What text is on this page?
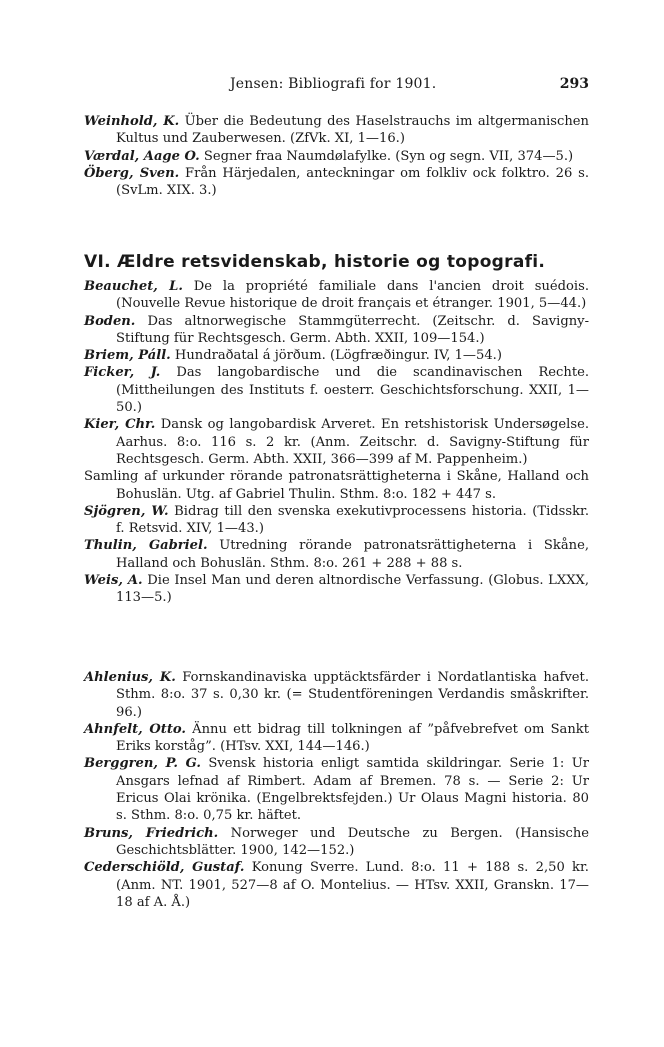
Jensen: Bibliografi for 1901.	293

Weinhold, K. Über die Bedeutung des Haselstrauchs im altgermanischen Kultus und Zauberwesen. (ZfVk. XI, 1—16.)

Værdal, Aage O. Segner fraa Naumdølafylke. (Syn og segn. VII, 374—5.)

Öberg, Sven. Från Härjedalen, anteckningar om folkliv ock folktro. 26 s. (SvLm. XIX. 3.)

VI. Ældre retsvidenskab, historie og topografi.

Beauchet, L. De la propriété familiale dans l'ancien droit suédois. (Nouvelle Revue historique de droit français et étranger. 1901, 5—44.)

Boden. Das altnorwegische Stammgüterrecht. (Zeitschr. d. Savigny-Stiftung für Rechtsgesch. Germ. Abth. XXII, 109—154.)

Briem, Páll. Hundraðatal á jörðum. (Lögfræðingur. IV, 1—54.)

Ficker, J. Das langobardische und die scandinavischen Rechte. (Mittheilungen des Instituts f. oesterr. Geschichtsforschung. XXII, 1—50.)

Kier, Chr. Dansk og langobardisk Arveret. En retshistorisk Undersøgelse. Aarhus. 8:o. 116 s. 2 kr. (Anm. Zeitschr. d. Savigny-Stiftung für Rechtsgesch. Germ. Abth. XXII, 366—399 af M. Pappenheim.)

Samling af urkunder rörande patronatsrättigheterna i Skåne, Halland och Bohuslän. Utg. af Gabriel Thulin. Sthm. 8:o. 182 + 447 s.

Sjögren, W. Bidrag till den svenska exekutivprocessens historia. (Tidsskr. f. Retsvid. XIV, 1—43.)

Thulin, Gabriel. Utredning rörande patronatsrättigheterna i Skåne, Halland och Bohuslän. Sthm. 8:o. 261 + 288 + 88 s.

Weis, A. Die Insel Man und deren altnordische Verfassung. (Globus. LXXX, 113—5.)

Ahlenius, K. Fornskandinaviska upptäcktsfärder i Nordatlantiska hafvet. Sthm. 8:o. 37 s. 0,30 kr. (= Studentföreningen Verdandis småskrifter. 96.)

Ahnfelt, Otto. Ännu ett bidrag till tolkningen af ”påfvebrefvet om Sankt Eriks korståg”. (HTsv. XXI, 144—146.)

Berggren, P. G. Svensk historia enligt samtida skildringar. Serie 1: Ur Ansgars lefnad af Rimbert. Adam af Bremen. 78 s. — Serie 2: Ur Ericus Olai krönika. (Engelbrektsfejden.) Ur Olaus Magni historia. 80 s. Sthm. 8:o. 0,75 kr. häftet.

Bruns, Friedrich. Norweger und Deutsche zu Bergen. (Hansische Geschichtsblätter. 1900, 142—152.)

Cederschiöld, Gustaf. Konung Sverre. Lund. 8:o. 11 + 188 s. 2,50 kr. (Anm. NT. 1901, 527—8 af O. Montelius. — HTsv. XXII, Granskn. 17—18 af A. Å.)
